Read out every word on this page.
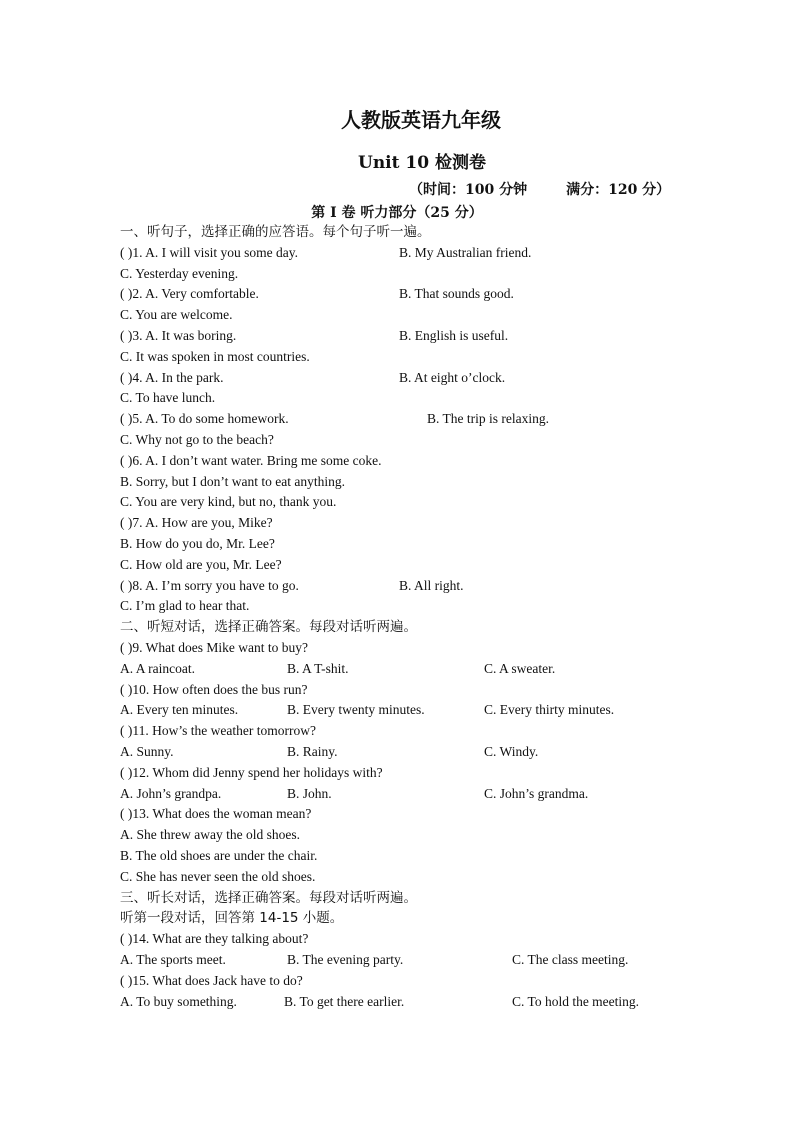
人教版英语九年级
Unit 10 检测卷
（时间：100 分钟        满分：120 分）
第 I 卷 听力部分（25 分）
一、听句子，选择正确的应答语。每个句子听一遍。
( )1. A. I will visit you some day.	B. My Australian friend.
C. Yesterday evening.
( )2. A. Very comfortable.	B. That sounds good.
C. You are welcome.
( )3. A. It was boring.	B. English is useful.
C. It was spoken in most countries.
( )4. A. In the park.	B. At eight o’clock.
C. To have lunch.
( )5. A. To do some homework.	B. The trip is relaxing.
C. Why not go to the beach?
( )6. A. I don’t want water. Bring me some coke.
B. Sorry, but I don’t want to eat anything.
C. You are very kind, but no, thank you.
( )7. A. How are you, Mike?
B. How do you do, Mr. Lee?
C. How old are you, Mr. Lee?
( )8. A. I’m sorry you have to go.	B. All right.
C. I’m glad to hear that.
二、听短对话，选择正确答案。每段对话听两遍。
( )9. What does Mike want to buy?
A. A raincoat.	B. A T-shit.	C. A sweater.
( )10. How often does the bus run?
A. Every ten minutes.	B. Every twenty minutes.	C. Every thirty minutes.
( )11. How’s the weather tomorrow?
A. Sunny.	B. Rainy.	C. Windy.
( )12. Whom did Jenny spend her holidays with?
A. John’s grandpa.	B. John.	C. John’s grandma.
( )13. What does the woman mean?
A. She threw away the old shoes.
B. The old shoes are under the chair.
C. She has never seen the old shoes.
三、听长对话，选择正确答案。每段对话听两遍。
听第一段对话，回答第 14-15 小题。
( )14. What are they talking about?
A. The sports meet.	B. The evening party.	C. The class meeting.
( )15. What does Jack have to do?
A. To buy something.	B. To get there earlier.	C. To hold the meeting.
